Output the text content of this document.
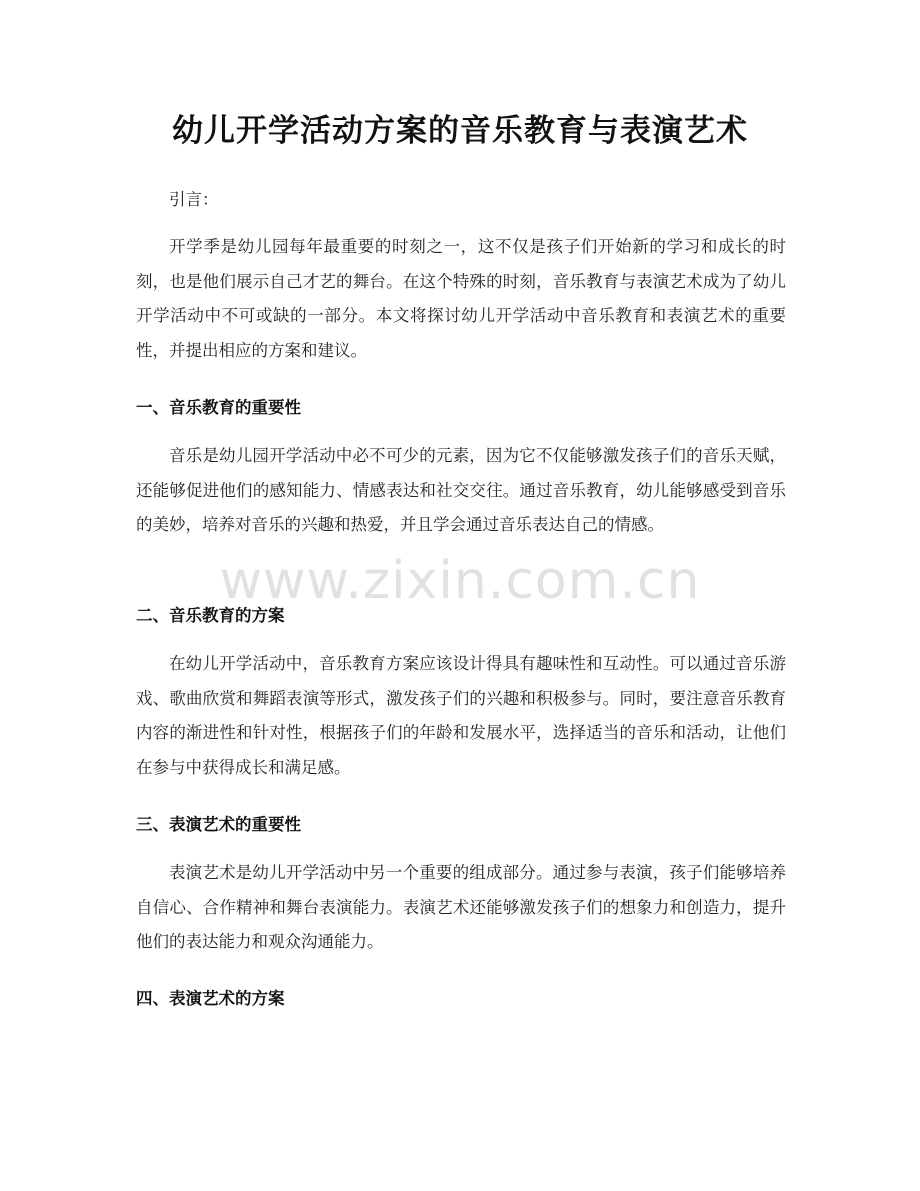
幼儿开学活动方案的音乐教育与表演艺术
引言：
开学季是幼儿园每年最重要的时刻之一，这不仅是孩子们开始新的学习和成长的时刻，也是他们展示自己才艺的舞台。在这个特殊的时刻，音乐教育与表演艺术成为了幼儿开学活动中不可或缺的一部分。本文将探讨幼儿开学活动中音乐教育和表演艺术的重要性，并提出相应的方案和建议。
一、音乐教育的重要性
音乐是幼儿园开学活动中必不可少的元素，因为它不仅能够激发孩子们的音乐天赋，还能够促进他们的感知能力、情感表达和社交交往。通过音乐教育，幼儿能够感受到音乐的美妙，培养对音乐的兴趣和热爱，并且学会通过音乐表达自己的情感。
二、音乐教育的方案
在幼儿开学活动中，音乐教育方案应该设计得具有趣味性和互动性。可以通过音乐游戏、歌曲欣赏和舞蹈表演等形式，激发孩子们的兴趣和积极参与。同时，要注意音乐教育内容的渐进性和针对性，根据孩子们的年龄和发展水平，选择适当的音乐和活动，让他们在参与中获得成长和满足感。
三、表演艺术的重要性
表演艺术是幼儿开学活动中另一个重要的组成部分。通过参与表演，孩子们能够培养自信心、合作精神和舞台表演能力。表演艺术还能够激发孩子们的想象力和创造力，提升他们的表达能力和观众沟通能力。
四、表演艺术的方案
www.zixin.com.cn
